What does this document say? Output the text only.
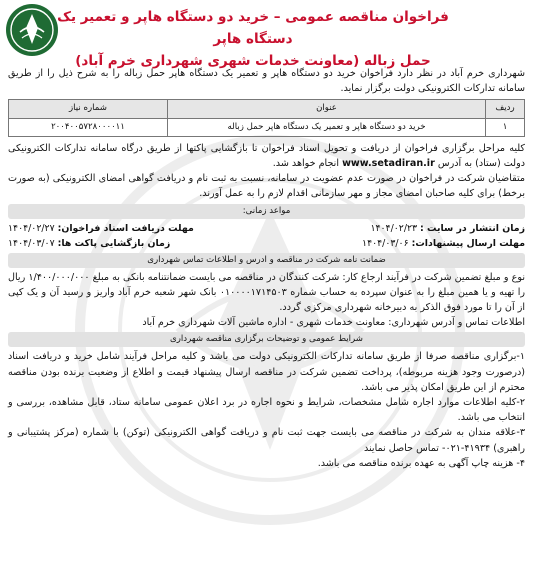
فراخوان مناقصه عمومی – خرید دو دستگاه هاپر و تعمیر یک دستگاه هاپر
حمل زباله (معاونت خدمات شهری شهرداری خرم آباد)

شهرداری خرم آباد در نظر دارد فراخوان خرید دو دستگاه هاپر و تعمیر یک دستگاه هاپر حمل زباله را به شرح ذیل را از طریق سامانه تدارکات الکترونیکی دولت برگزار نماید.

ردیف	عنوان	شماره نیاز
۱	خرید دو دستگاه هاپر و تعمیر یک دستگاه هاپر حمل زباله	۲۰۰۴۰۰۵۷۲۸۰۰۰۰۱۱

کلیه مراحل برگزاری فراخوان از دریافت و تحویل اسناد فراخوان تا بازگشایی پاکتها از طریق درگاه سامانه تدارکات الکترونیکی دولت (ستاد) به آدرس www.setadiran.ir انجام خواهد شد.

متقاضیان شرکت در فراخوان در صورت عدم عضویت در سامانه، نسبت به ثبت نام و دریافت گواهی امضای الکترونیکی (به صورت برخط) برای کلیه صاحبان امضای مجاز و مهر سازمانی اقدام لازم را به عمل آورند.

مواعد زمانی:
زمان انتشار در سایت : ۱۴۰۴/۰۲/۲۳
مهلت دریافت اسناد فراخوان: ۱۴۰۴/۰۲/۲۷
مهلت ارسال پیشنهادات: ۱۴۰۴/۰۳/۰۶
زمان بازگشایی پاکت ها: ۱۴۰۴/۰۳/۰۷
ضمانت نامه شرکت در مناقصه و ادرس و اطلاعات تماس شهرداری

نوع و مبلغ تضمین شرکت در فرآیند ارجاع کار: شرکت کنندگان در مناقصه می بایست ضمانتنامه بانکی به مبلغ ۱/۴۰۰/۰۰۰/۰۰۰ ریال را تهیه و یا همین مبلغ را به عنوان سپرده به حساب شماره ۰۱۰۰۰۰۱۷۱۴۵۰۳ بانک شهر شعبه خرم آباد واریز و رسید آن و یک کپی از آن را تا مورد فوق الذکر به دبیرخانه شهرداری مرکزی گردد.

اطلاعات تماس و آدرس شهرداری: معاونت خدمات شهری - اداره ماشین آلات شهرداری خرم آباد

شرایط عمومی و توضیحات برگزاری مناقصه شهرداری

۱-برگزاری مناقصه صرفا از طریق سامانه تدارکات الکترونیکی دولت می باشد و کلیه مراحل فرآیند شامل خرید و دریافت اسناد (درصورت وجود هزینه مربوطه)، پرداخت تضمین شرکت در مناقصه ارسال پیشنهاد قیمت و اطلاع از وضعیت برنده بودن مناقصه محترم از این طریق امکان پذیر می باشد.

۲-کلیه اطلاعات موارد اجاره شامل مشخصات، شرایط و نحوه اجاره در برد اعلان عمومی سامانه ستاد، قابل مشاهده، بررسی و انتخاب می باشد.

۳-علاقه مندان به شرکت در مناقصه می بایست جهت ثبت نام و دریافت گواهی الکترونیکی (توکن) با شماره (مرکز پشتیبانی و راهبری) ۴۱۹۳۴-۰۲۱- تماس حاصل نمایند

۴- هزینه چاپ آگهی به عهده برنده مناقصه می باشد.
